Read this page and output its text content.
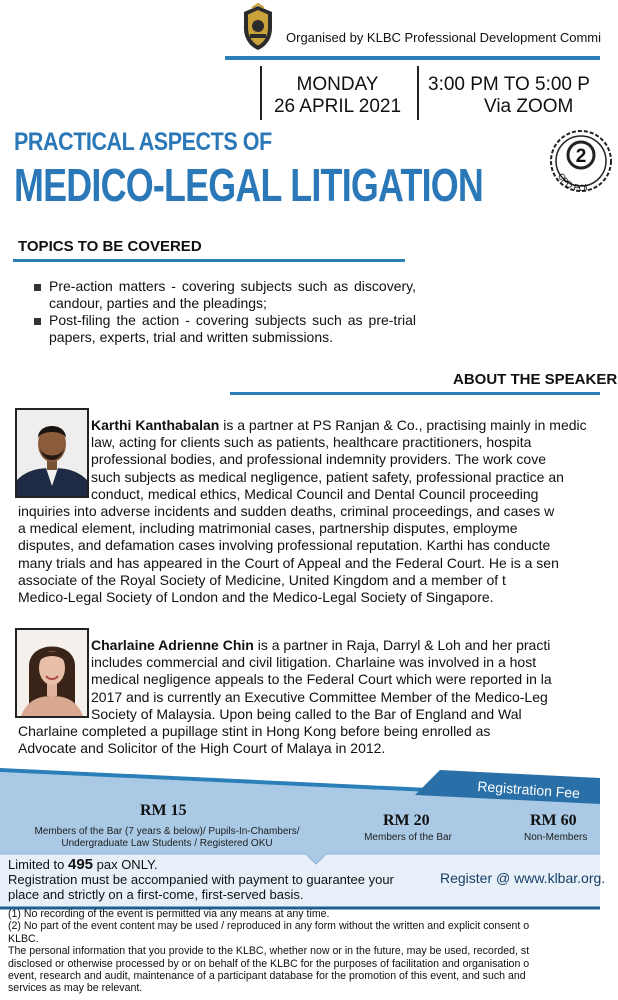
Organised by KLBC Professional Development Commi
MONDAY
26 APRIL 2021
3:00 PM TO 5:00 P
Via ZOOM
PRACTICAL ASPECTS OF
MEDICO-LEGAL LITIGATION
2
CPD POI
TOPICS TO BE COVERED
Pre-action matters - covering subjects such as discovery, candour, parties and the pleadings;
Post-filing the action - covering subjects such as pre-trial papers, experts, trial and written submissions.
ABOUT THE SPEAKER
Karthi Kanthabalan is a partner at PS Ranjan & Co., practising mainly in medic
law, acting for clients such as patients, healthcare practitioners, hospita
professional bodies, and professional indemnity providers. The work cove
such subjects as medical negligence, patient safety, professional practice an
conduct, medical ethics, Medical Council and Dental Council proceeding
inquiries into adverse incidents and sudden deaths, criminal proceedings, and cases w
a medical element, including matrimonial cases, partnership disputes, employme
disputes, and defamation cases involving professional reputation. Karthi has conducte
many trials and has appeared in the Court of Appeal and the Federal Court. He is a sen
associate of the Royal Society of Medicine, United Kingdom and a member of t
Medico-Legal Society of London and the Medico-Legal Society of Singapore.
Charlaine Adrienne Chin is a partner in Raja, Darryl & Loh and her practi
includes commercial and civil litigation. Charlaine was involved in a host
medical negligence appeals to the Federal Court which were reported in la
2017 and is currently an Executive Committee Member of the Medico-Leg
Society of Malaysia. Upon being called to the Bar of England and Wal
Charlaine completed a pupillage stint in Hong Kong before being enrolled as
Advocate and Solicitor of the High Court of Malaya in 2012.
Registration Fee
RM 15
Members of the Bar (7 years & below)/ Pupils-In-Chambers/
Undergraduate Law Students / Registered OKU
RM 20
Members of the Bar
RM 60
Non-Members
Limited to 495 pax ONLY.
Registration must be accompanied with payment to guarantee your
place and strictly on a first-come, first-served basis.
Register @ www.klbar.org.
(1) No recording of the event is permitted via any means at any time.
(2) No part of the event content may be used / reproduced in any form without the written and explicit consent o
KLBC.
The personal information that you provide to the KLBC, whether now or in the future, may be used, recorded, st
disclosed or otherwise processed by or on behalf of the KLBC for the purposes of facilitation and organisation o
event, research and audit, maintenance of a participant database for the promotion of this event, and such and
services as may be relevant.
